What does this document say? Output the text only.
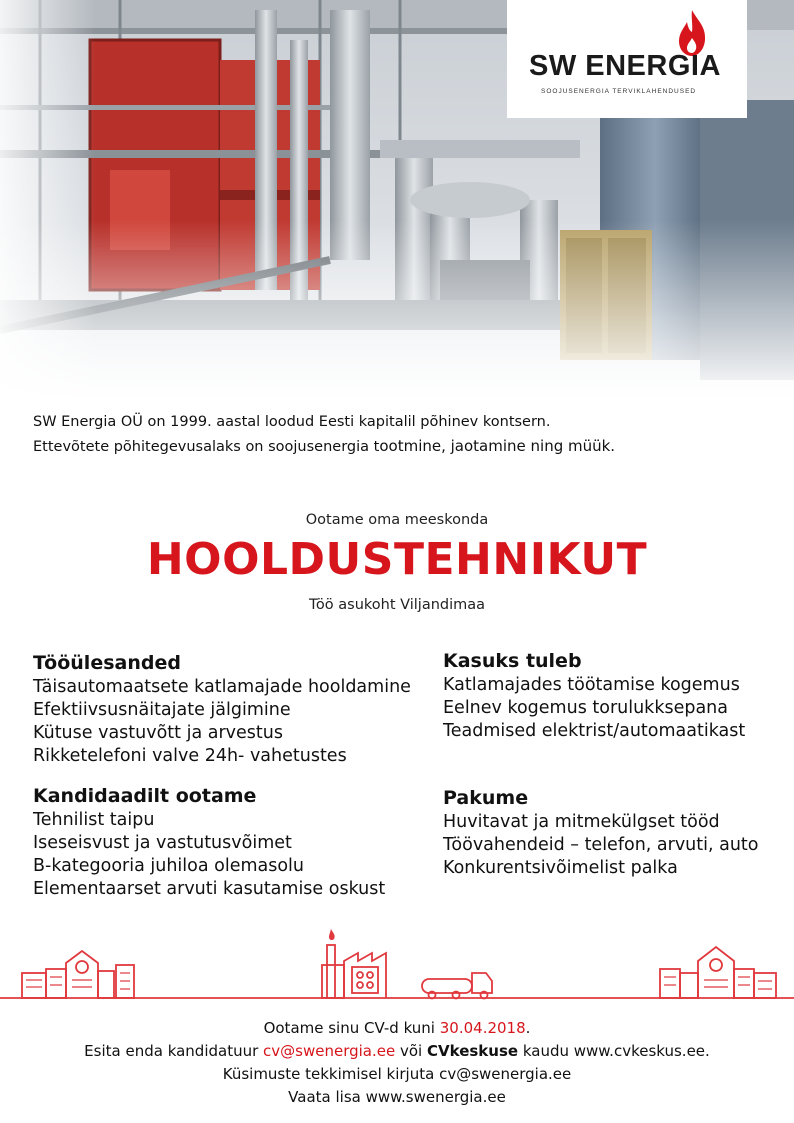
SW ENERGIA
SOOJUSENERGIA TERVIKLAHENDUSED

SW Energia OÜ on 1999. aastal loodud Eesti kapitalil põhinev kontsern.

Ettevõtete põhitegevusalaks on soojusenergia tootmine, jaotamine ning müük.

Ootame oma meeskonda
HOOLDUSTEHNIKUT
Töö asukoht Viljandimaa
Tööülesanded
Täisautomaatsete katlamajade hooldamine
Efektiivsusnäitajate jälgimine
Kütuse vastuvõtt ja arvestus
Rikketelefoni valve 24h- vahetustes
Kasuks tuleb
Katlamajades töötamise kogemus
Eelnev kogemus torulukksepana
Teadmised elektrist/automaatikast
Kandidaadilt ootame
Tehnilist taipu
Iseseisvust ja vastutusvõimet
B-kategooria juhiloa olemasolu
Elementaarset arvuti kasutamise oskust
Pakume
Huvitavat ja mitmekülgset tööd
Töövahendeid – telefon, arvuti, auto
Konkurentsivõimelist palka

Ootame sinu CV-d kuni 30.04.2018.

Esita enda kandidatuur cv@swenergia.ee või CVkeskuse kaudu www.cvkeskus.ee.

Küsimuste tekkimisel kirjuta cv@swenergia.ee

Vaata lisa www.swenergia.ee
